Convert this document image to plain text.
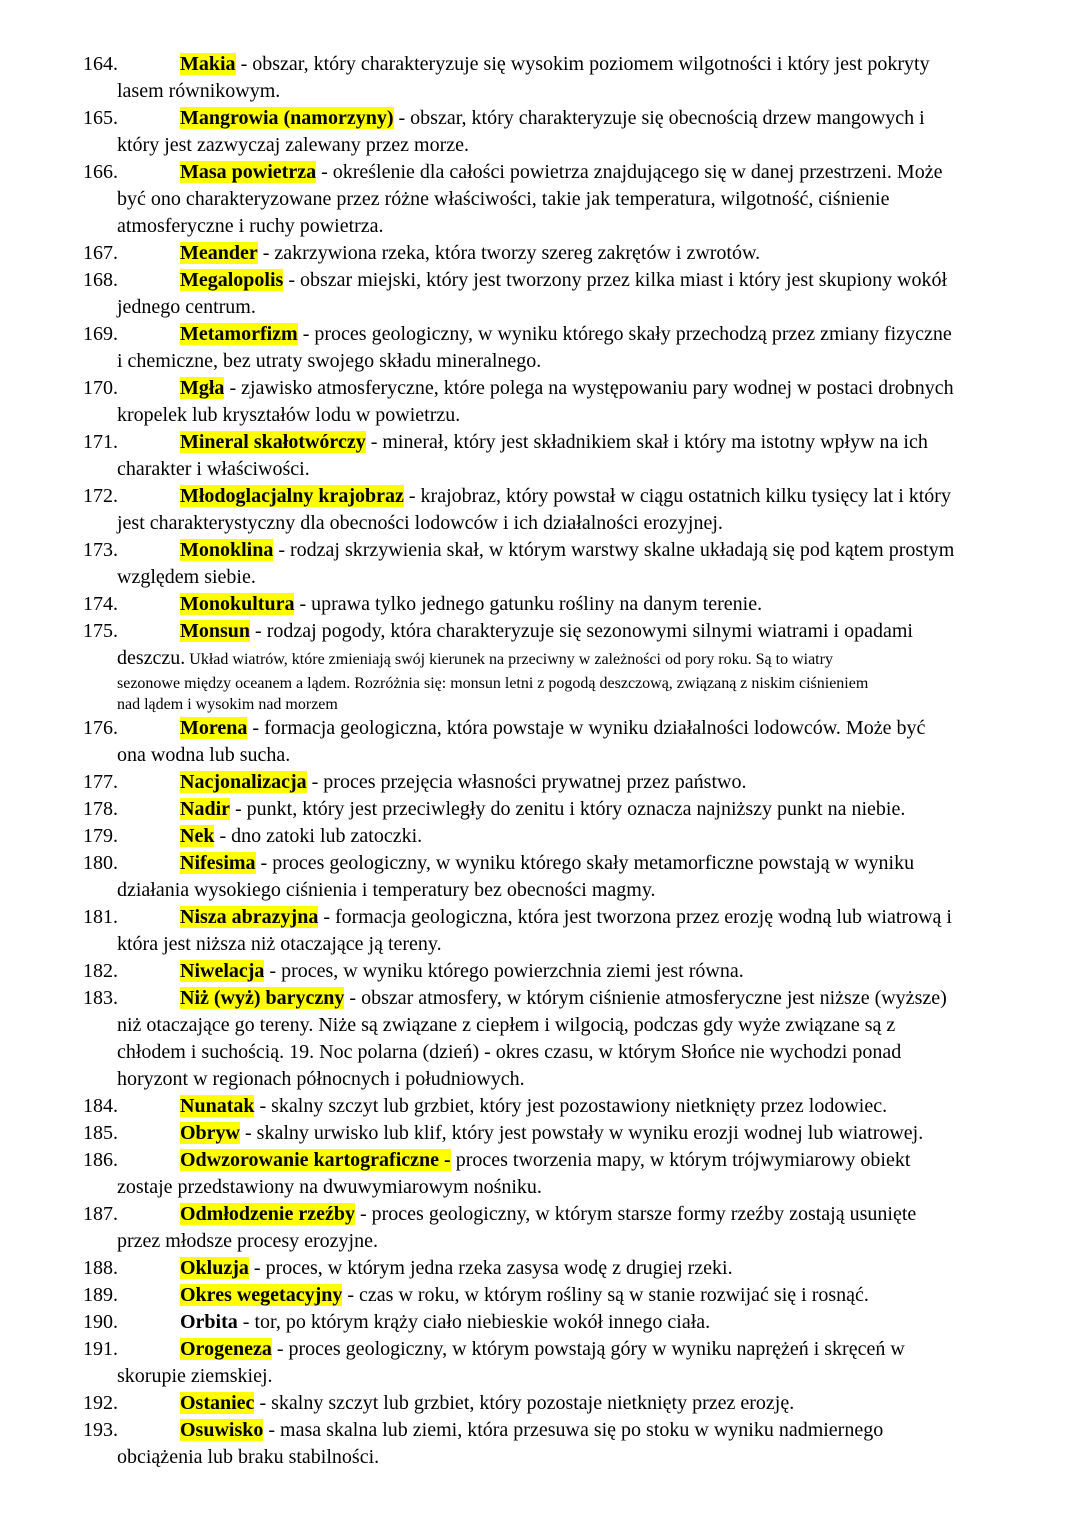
164.	Makia - obszar, który charakteryzuje się wysokim poziomem wilgotności i który jest pokryty
lasem równikowym.
165.	Mangrowia (namorzyny) - obszar, który charakteryzuje się obecnością drzew mangowych i
który jest zazwyczaj zalewany przez morze.
166.	Masa powietrza - określenie dla całości powietrza znajdującego się w danej przestrzeni. Może
być ono charakteryzowane przez różne właściwości, takie jak temperatura, wilgotność, ciśnienie
atmosferyczne i ruchy powietrza.
167.	Meander - zakrzywiona rzeka, która tworzy szereg zakrętów i zwrotów.
168.	Megalopolis - obszar miejski, który jest tworzony przez kilka miast i który jest skupiony wokół
jednego centrum.
169.	Metamorfizm - proces geologiczny, w wyniku którego skały przechodzą przez zmiany fizyczne
i chemiczne, bez utraty swojego składu mineralnego.
170.	Mgła - zjawisko atmosferyczne, które polega na występowaniu pary wodnej w postaci drobnych
kropelek lub kryształów lodu w powietrzu.
171.	Mineral skałotwórczy - minerał, który jest składnikiem skał i który ma istotny wpływ na ich
charakter i właściwości.
172.	Młodoglacjalny krajobraz - krajobraz, który powstał w ciągu ostatnich kilku tysięcy lat i który
jest charakterystyczny dla obecności lodowców i ich działalności erozyjnej.
173.	Monoklina - rodzaj skrzywienia skał, w którym warstwy skalne układają się pod kątem prostym
względem siebie.
174.	Monokultura - uprawa tylko jednego gatunku rośliny na danym terenie.
175.	Monsun - rodzaj pogody, która charakteryzuje się sezonowymi silnymi wiatrami i opadami
deszczu. Układ wiatrów, które zmieniają swój kierunek na przeciwny w zależności od pory roku. Są to wiatry
sezonowe między oceanem a lądem. Rozróżnia się: monsun letni z pogodą deszczową, związaną z niskim ciśnieniem
nad lądem i wysokim nad morzem
176.	Morena - formacja geologiczna, która powstaje w wyniku działalności lodowców. Może być
ona wodna lub sucha.
177.	Nacjonalizacja - proces przejęcia własności prywatnej przez państwo.
178.	Nadir - punkt, który jest przeciwległy do zenitu i który oznacza najniższy punkt na niebie.
179.	Nek - dno zatoki lub zatoczki.
180.	Nifesima - proces geologiczny, w wyniku którego skały metamorficzne powstają w wyniku
działania wysokiego ciśnienia i temperatury bez obecności magmy.
181.	Nisza abrazyjna - formacja geologiczna, która jest tworzona przez erozję wodną lub wiatrową i
która jest niższa niż otaczające ją tereny.
182.	Niwelacja - proces, w wyniku którego powierzchnia ziemi jest równa.
183.	Niż (wyż) baryczny - obszar atmosfery, w którym ciśnienie atmosferyczne jest niższe (wyższe)
niż otaczające go tereny. Niże są związane z ciepłem i wilgocią, podczas gdy wyże związane są z
chłodem i suchością. 19. Noc polarna (dzień) - okres czasu, w którym Słońce nie wychodzi ponad
horyzont w regionach północnych i południowych.
184.	Nunatak - skalny szczyt lub grzbiet, który jest pozostawiony nietknięty przez lodowiec.
185.	Obryw - skalny urwisko lub klif, który jest powstały w wyniku erozji wodnej lub wiatrowej.
186.	Odwzorowanie kartograficzne - proces tworzenia mapy, w którym trójwymiarowy obiekt
zostaje przedstawiony na dwuwymiarowym nośniku.
187.	Odmłodzenie rzeźby - proces geologiczny, w którym starsze formy rzeźby zostają usunięte
przez młodsze procesy erozyjne.
188.	Okluzja - proces, w którym jedna rzeka zasysa wodę z drugiej rzeki.
189.	Okres wegetacyjny - czas w roku, w którym rośliny są w stanie rozwijać się i rosnąć.
190.	Orbita - tor, po którym krąży ciało niebieskie wokół innego ciała.
191.	Orogeneza - proces geologiczny, w którym powstają góry w wyniku naprężeń i skręceń w
skorupie ziemskiej.
192.	Ostaniec - skalny szczyt lub grzbiet, który pozostaje nietknięty przez erozję.
193.	Osuwisko - masa skalna lub ziemi, która przesuwa się po stoku w wyniku nadmiernego
obciążenia lub braku stabilności.
